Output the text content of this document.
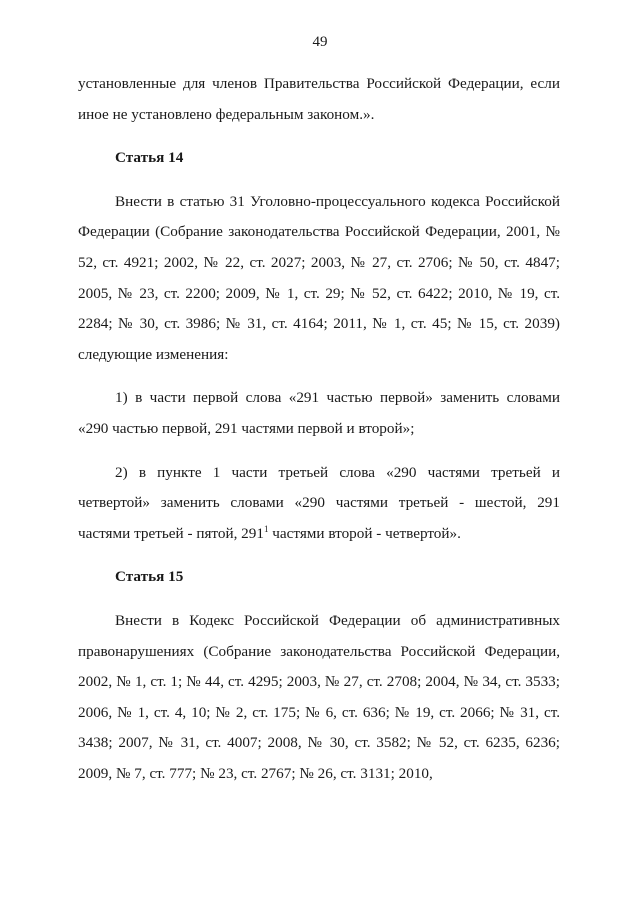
49

установленные для членов Правительства Российской Федерации, если иное не установлено федеральным законом.».

Статья 14

Внести в статью 31 Уголовно-процессуального кодекса Российской Федерации (Собрание законодательства Российской Федерации, 2001, № 52, ст. 4921; 2002, № 22, ст. 2027; 2003, № 27, ст. 2706; № 50, ст. 4847; 2005, № 23, ст. 2200; 2009, № 1, ст. 29; № 52, ст. 6422; 2010, № 19, ст. 2284; № 30, ст. 3986; № 31, ст. 4164; 2011, № 1, ст. 45; № 15, ст. 2039) следующие изменения:

1) в части первой слова «291 частью первой» заменить словами «290 частью первой, 291 частями первой и второй»;

2) в пункте 1 части третьей слова «290 частями третьей и четвертой» заменить словами «290 частями третьей - шестой, 291 частями третьей - пятой, $291^1$ частями второй - четвертой».

Статья 15

Внести в Кодекс Российской Федерации об административных правонарушениях (Собрание законодательства Российской Федерации, 2002, № 1, ст. 1; № 44, ст. 4295; 2003, № 27, ст. 2708; 2004, № 34, ст. 3533; 2006, № 1, ст. 4, 10; № 2, ст. 175; № 6, ст. 636; № 19, ст. 2066; № 31, ст. 3438; 2007, № 31, ст. 4007; 2008, № 30, ст. 3582; № 52, ст. 6235, 6236; 2009, № 7, ст. 777; № 23, ст. 2767; № 26, ст. 3131; 2010,
